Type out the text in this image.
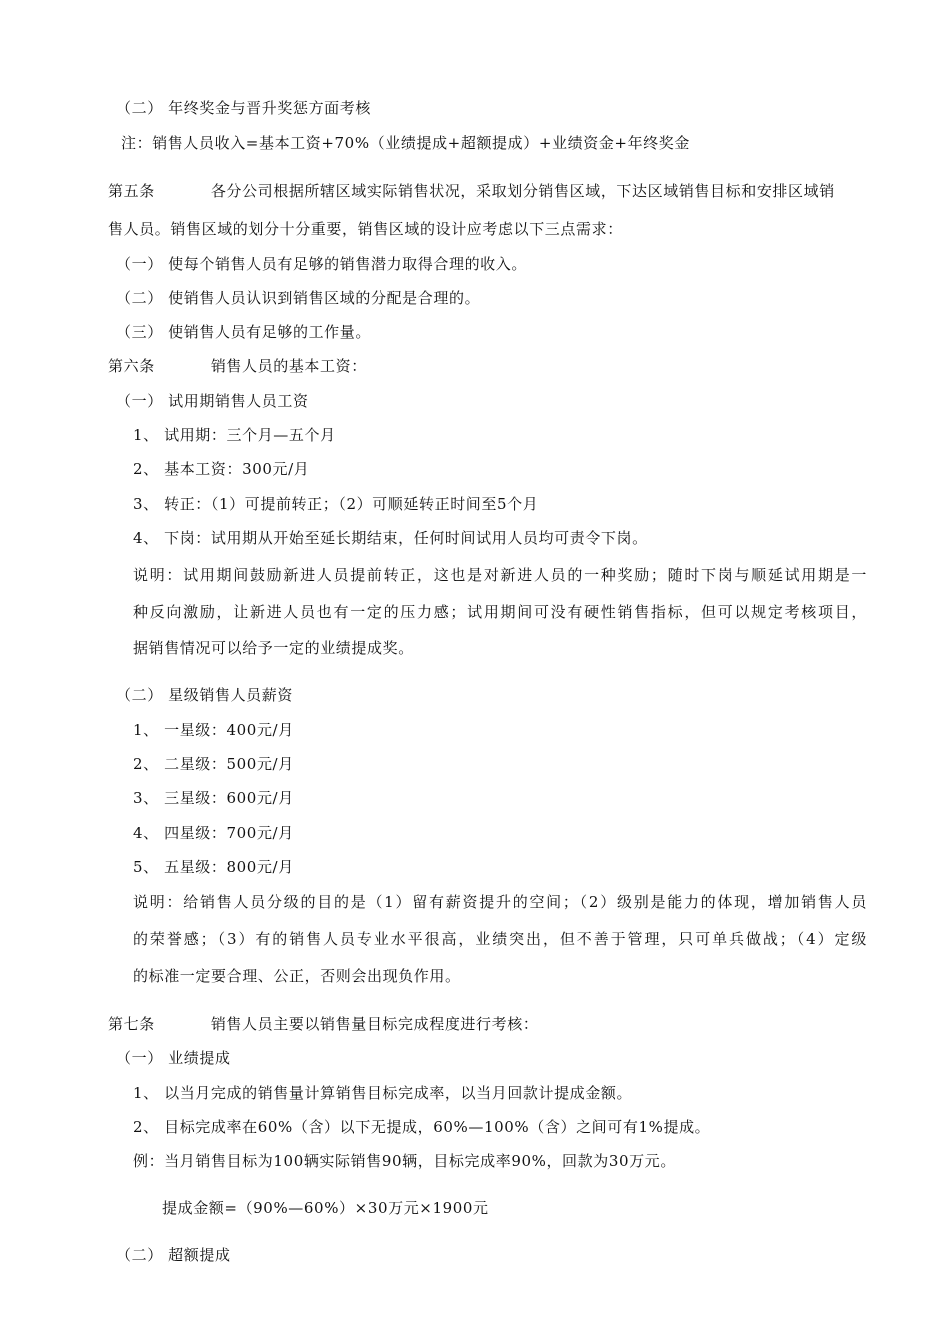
（二） 年终奖金与晋升奖惩方面考核
注：销售人员收入=基本工资+70%（业绩提成+超额提成）+业绩资金+年终奖金
第五条	各分公司根据所辖区域实际销售状况，采取划分销售区域，下达区域销售目标和安排区域销
售人员。销售区域的划分十分重要，销售区域的设计应考虑以下三点需求：
（一） 使每个销售人员有足够的销售潜力取得合理的收入。
（二） 使销售人员认识到销售区域的分配是合理的。
（三） 使销售人员有足够的工作量。
第六条	销售人员的基本工资：
（一） 试用期销售人员工资
1、 试用期：三个月—五个月
2、 基本工资：300元/月
3、 转正：（1）可提前转正；（2）可顺延转正时间至5个月
4、 下岗：试用期从开始至延长期结束，任何时间试用人员均可责令下岗。
说明：试用期间鼓励新进人员提前转正，这也是对新进人员的一种奖励；随时下岗与顺延试用期是一
种反向激励，让新进人员也有一定的压力感；试用期间可没有硬性销售指标，但可以规定考核项目，
据销售情况可以给予一定的业绩提成奖。
（二） 星级销售人员薪资
1、 一星级：400元/月
2、 二星级：500元/月
3、 三星级：600元/月
4、 四星级：700元/月
5、 五星级：800元/月
说明：给销售人员分级的目的是（1）留有薪资提升的空间；（2）级别是能力的体现，增加销售人员
的荣誉感；（3）有的销售人员专业水平很高，业绩突出，但不善于管理，只可单兵做战；（4）定级
的标准一定要合理、公正，否则会出现负作用。
第七条	销售人员主要以销售量目标完成程度进行考核：
（一） 业绩提成
1、 以当月完成的销售量计算销售目标完成率，以当月回款计提成金额。
2、 目标完成率在60%（含）以下无提成，60%—100%（含）之间可有1%提成。
例：当月销售目标为100辆实际销售90辆，目标完成率90%，回款为30万元。
提成金额=（90%—60%）×30万元×1900元
（二） 超额提成
